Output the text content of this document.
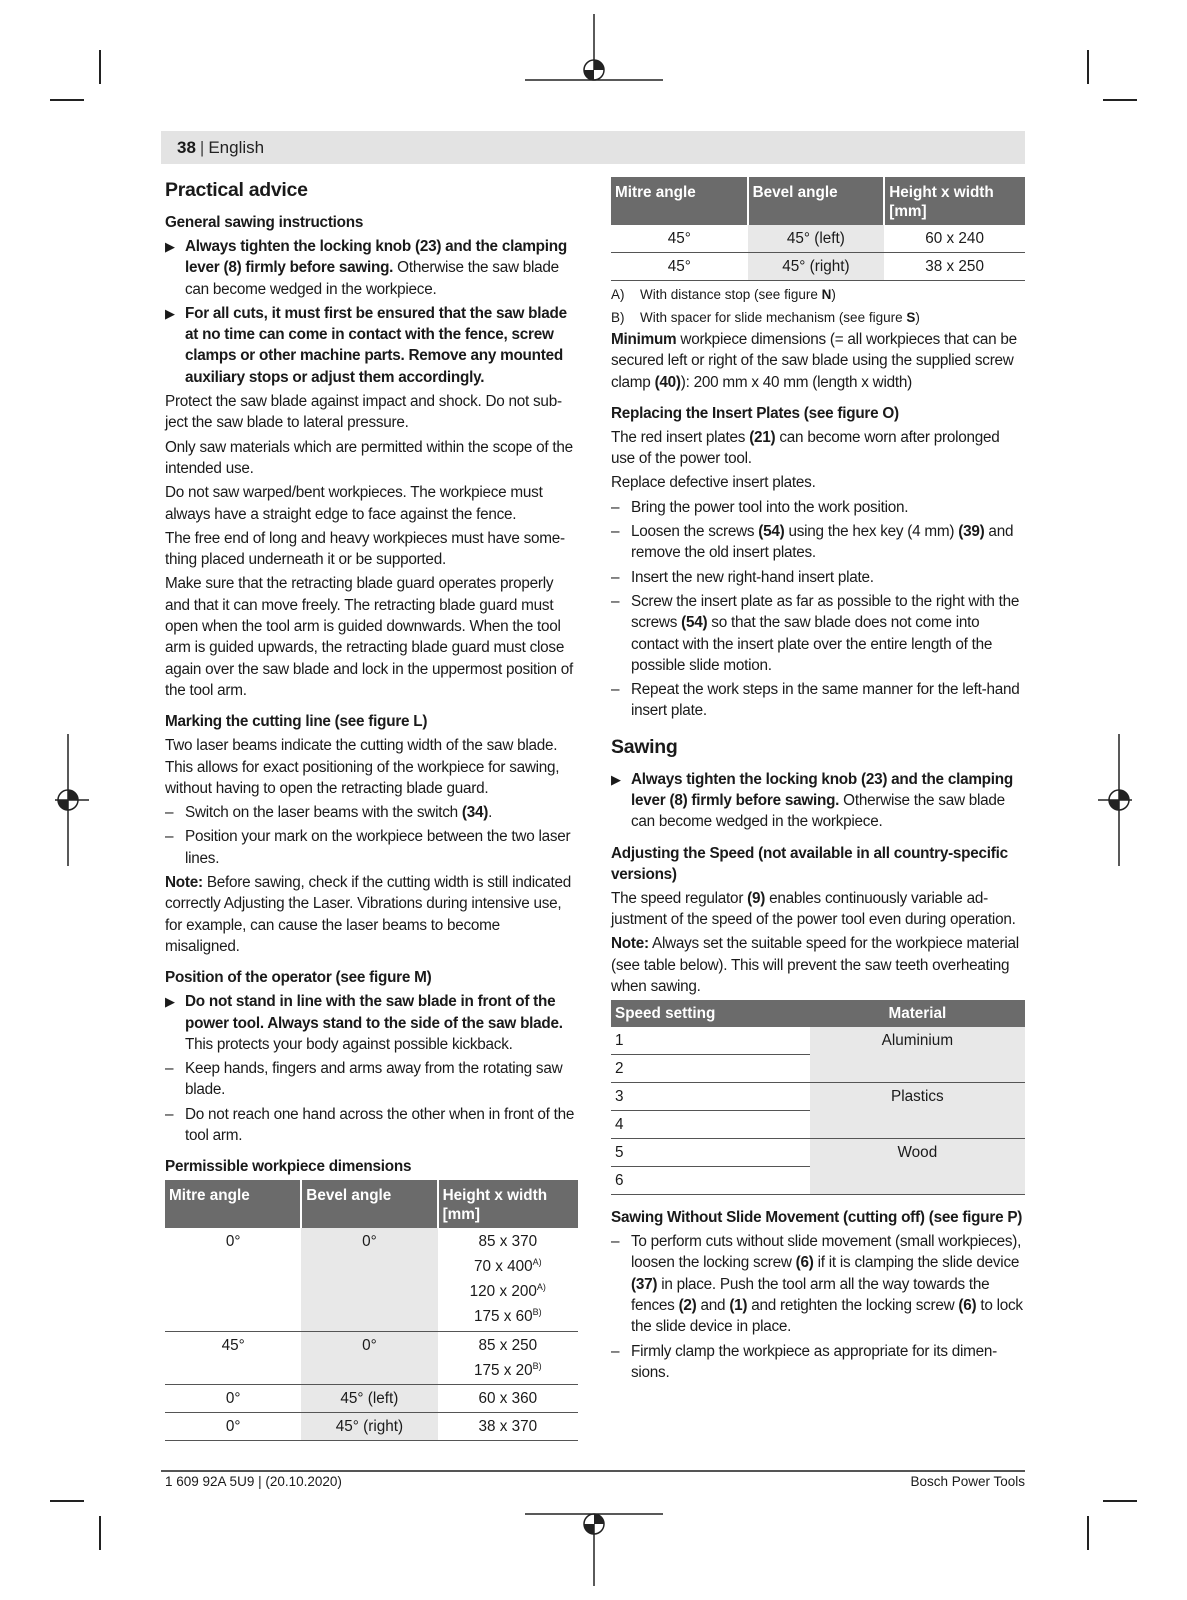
38 | English
Practical advice
General sawing instructions
▶ Always tighten the locking knob (23) and the clamping lever (8) firmly before sawing. Otherwise the saw blade can become wedged in the workpiece.
▶ For all cuts, it must first be ensured that the saw blade at no time can come in contact with the fence, screw clamps or other machine parts. Remove any mounted auxiliary stops or adjust them accordingly.

Protect the saw blade against impact and shock. Do not subject the saw blade to lateral pressure.

Only saw materials which are permitted within the scope of the intended use.

Do not saw warped/bent workpieces. The workpiece must always have a straight edge to face against the fence.

The free end of long and heavy workpieces must have something placed underneath it or be supported.

Make sure that the retracting blade guard operates properly and that it can move freely. The retracting blade guard must open when the tool arm is guided downwards. When the tool arm is guided upwards, the retracting blade guard must close again over the saw blade and lock in the uppermost position of the tool arm.

Marking the cutting line (see figure L)

Two laser beams indicate the cutting width of the saw blade. This allows for exact positioning of the workpiece for sawing, without having to open the retracting blade guard.

– Switch on the laser beams with the switch (34).
– Position your mark on the workpiece between the two laser lines.

Note: Before sawing, check if the cutting width is still indicated correctly Adjusting the Laser. Vibrations during intensive use, for example, can cause the laser beams to become misaligned.

Position of the operator (see figure M)
▶ Do not stand in line with the saw blade in front of the power tool. Always stand to the side of the saw blade. This protects your body against possible kickback.
– Keep hands, fingers and arms away from the rotating saw blade.
– Do not reach one hand across the other when in front of the tool arm.
Permissible workpiece dimensions
Mitre angle	Bevel angle	Height x width [mm]
0°	0°	85 x 370
70 x $400^{A)}$
120 x $200^{A)}$
175 x $60^{B)}$

45°	0°	85 x 250
175 x $20^{B)}$

0°	45° (left)	60 x 360

0°	45° (right)	38 x 370
Mitre angle	Bevel angle	Height x width [mm]
45°	45° (left)	60 x 240
45°	45° (right)	38 x 250
A) With distance stop (see figure N)
B) With spacer for slide mechanism (see figure S)

Minimum workpiece dimensions (= all workpieces that can be secured left or right of the saw blade using the supplied screw clamp (40)): 200 mm x 40 mm (length x width)

Replacing the Insert Plates (see figure O)

The red insert plates (21) can become worn after prolonged use of the power tool.

Replace defective insert plates.

– Bring the power tool into the work position.
– Loosen the screws (54) using the hex key (4 mm) (39) and remove the old insert plates.
– Insert the new right-hand insert plate.
– Screw the insert plate as far as possible to the right with the screws (54) so that the saw blade does not come into contact with the insert plate over the entire length of the possible slide motion.
– Repeat the work steps in the same manner for the left-hand insert plate.
Sawing
▶ Always tighten the locking knob (23) and the clamping lever (8) firmly before sawing. Otherwise the saw blade can become wedged in the workpiece.
Adjusting the Speed (not available in all country-specific versions)

The speed regulator (9) enables continuously variable adjustment of the speed of the power tool even during operation.

Note: Always set the suitable speed for the workpiece material (see table below). This will prevent the saw teeth overheating when sawing.

Speed setting	Material
1	Aluminium
2	
3	Plastics
4	
5	Wood
6	
Sawing Without Slide Movement (cutting off) (see figure P)
– To perform cuts without slide movement (small workpieces), loosen the locking screw (6) if it is clamping the slide device (37) in place. Push the tool arm all the way towards the fences (2) and (1) and retighten the locking screw (6) to lock the slide device in place.
– Firmly clamp the workpiece as appropriate for its dimensions.
1 609 92A 5U9 | (20.10.2020)	Bosch Power Tools
